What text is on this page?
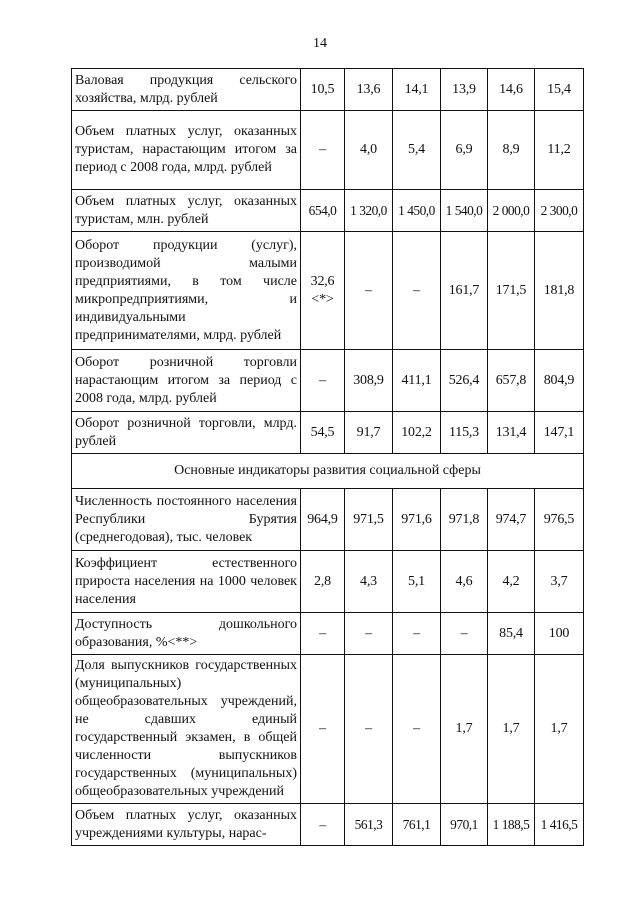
14
Валовая продукция сельского хозяйства, млрд. рублей	10,5	13,6	14,1	13,9	14,6	15,4
Объем платных услуг, оказанных туристам, нарастающим итогом за период с 2008 года, млрд. рублей	–	4,0	5,4	6,9	8,9	11,2
Объем платных услуг, оказанных туристам, млн. рублей	654,0	1 320,0	1 450,0	1 540,0	2 000,0	2 300,0
Оборот продукции (услуг), производимой малыми предприятиями, в том числе микропредприятиями, и индивидуальными предпринимателями, млрд. рублей	32,6 <*>	–	–	161,7	171,5	181,8
Оборот розничной торговли нарастающим итогом за период с 2008 года, млрд. рублей	–	308,9	411,1	526,4	657,8	804,9
Оборот розничной торговли, млрд. рублей	54,5	91,7	102,2	115,3	131,4	147,1
Основные индикаторы развития социальной сферы						
Численность постоянного населения Республики Бурятия (среднегодовая), тыс. человек	964,9	971,5	971,6	971,8	974,7	976,5
Коэффициент естественного прироста населения на 1000 человек населения	2,8	4,3	5,1	4,6	4,2	3,7
Доступность дошкольного образования, %<**>	–	–	–	–	85,4	100
Доля выпускников государственных (муниципальных) общеобразовательных учреждений, не сдавших единый государственный экзамен, в общей численности выпускников государственных (муниципальных) общеобразовательных учреждений	–	–	–	1,7	1,7	1,7
Объем платных услуг, оказанных учреждениями культуры, нарас-	–	561,3	761,1	970,1	1 188,5	1 416,5
